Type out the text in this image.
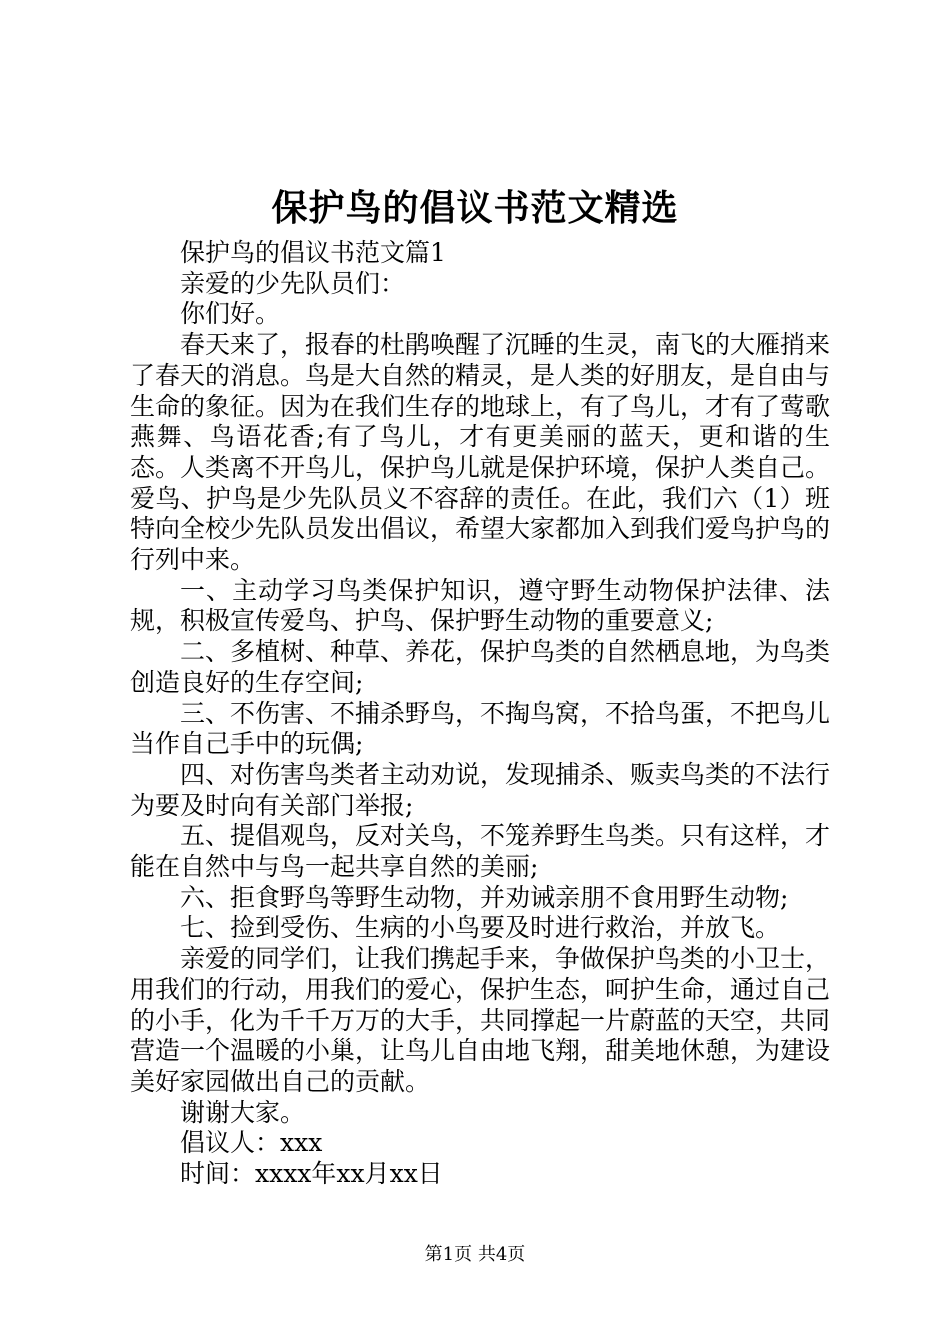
保护鸟的倡议书范文精选

保护鸟的倡议书范文篇1

亲爱的少先队员们：

你们好。

春天来了，报春的杜鹃唤醒了沉睡的生灵，南飞的大雁捎来了春天的消息。鸟是大自然的精灵，是人类的好朋友，是自由与生命的象征。因为在我们生存的地球上，有了鸟儿，才有了莺歌燕舞、鸟语花香;有了鸟儿，才有更美丽的蓝天，更和谐的生态。人类离不开鸟儿，保护鸟儿就是保护环境，保护人类自己。爱鸟、护鸟是少先队员义不容辞的责任。在此，我们六（1）班特向全校少先队员发出倡议，希望大家都加入到我们爱鸟护鸟的行列中来。

一、主动学习鸟类保护知识，遵守野生动物保护法律、法规，积极宣传爱鸟、护鸟、保护野生动物的重要意义;

二、多植树、种草、养花，保护鸟类的自然栖息地，为鸟类创造良好的生存空间;

三、不伤害、不捕杀野鸟，不掏鸟窝，不拾鸟蛋，不把鸟儿当作自己手中的玩偶;

四、对伤害鸟类者主动劝说，发现捕杀、贩卖鸟类的不法行为要及时向有关部门举报;

五、提倡观鸟，反对关鸟，不笼养野生鸟类。只有这样，才能在自然中与鸟一起共享自然的美丽;

六、拒食野鸟等野生动物，并劝诫亲朋不食用野生动物;

七、捡到受伤、生病的小鸟要及时进行救治，并放飞。

亲爱的同学们，让我们携起手来，争做保护鸟类的小卫士，用我们的行动，用我们的爱心，保护生态，呵护生命，通过自己的小手，化为千千万万的大手，共同撑起一片蔚蓝的天空，共同营造一个温暖的小巢，让鸟儿自由地飞翔，甜美地休憩，为建设美好家园做出自己的贡献。

谢谢大家。

倡议人：xxx

时间：xxxx年xx月xx日

第1页 共4页
